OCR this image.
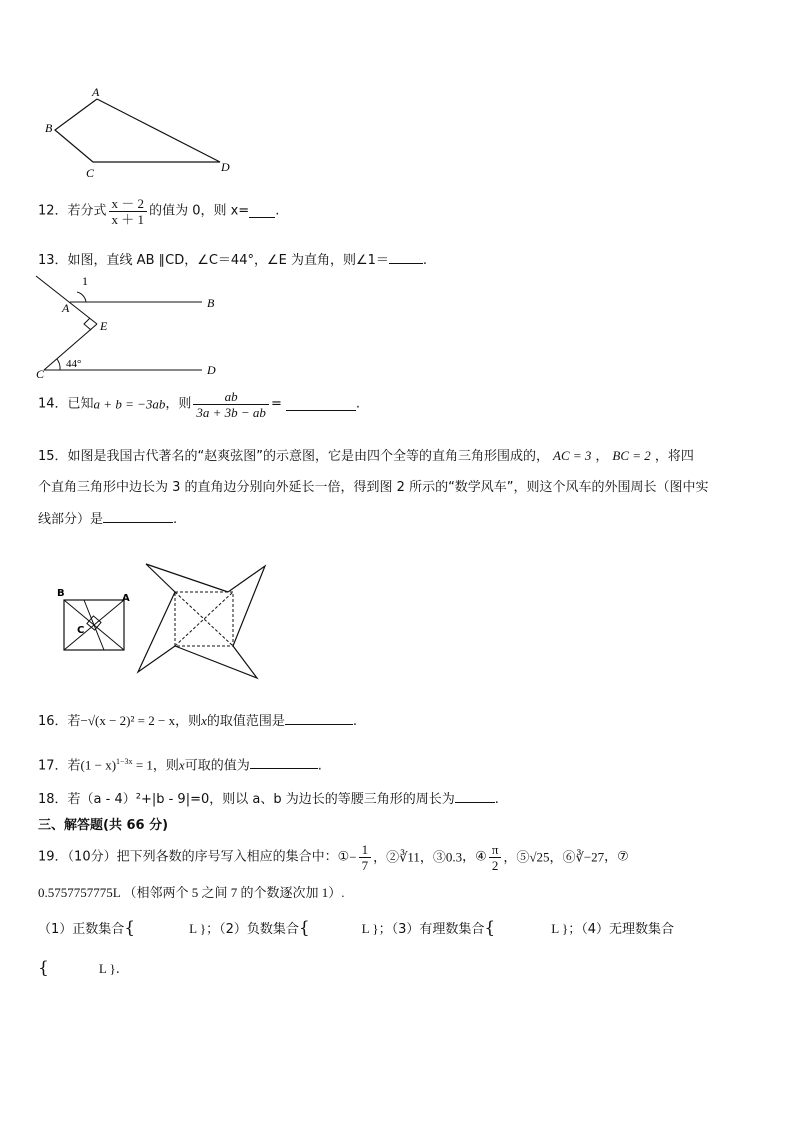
A
B
C	D
12．若分式 $\frac{x - 2}{x + 1}$ 的值为 0，则 x= .
13．如图，直线 AB ∥CD，∠C＝44°，∠E 为直角，则∠1＝	.
1
A	B
E
C	D
44°
14．已知a + b = −3ab，则 $\frac{ab}{3a + 3b - ab}$ =	.
15．如图是我国古代著名的“赵爽弦图”的示意图，它是由四个全等的直角三角形围成的， AC = 3 ， BC = 2 ，将四
个直角三角形中边长为 3 的直角边分别向外延长一倍，得到图 2 所示的“数学风车”，则这个风车的外围周长（图中实
线部分）是	.
B	A
C
16．若−√(x − 2)² = 2 − x，则x的取值范围是	.
17．若$(1 - x)^{1-3x} = 1$，则x可取的值为	.
18．若（a - 4）²+|b - 9|=0，则以 a、b 为边长的等腰三角形的周长为	.
三、解答题(共 66 分)
19．（10分）把下列各数的序号写入相应的集合中：①− $\frac{1}{7}$ ，②∛11，③0.3，④ $\frac{\pi}{2}$ ，⑤√25，⑥∛−27，⑦
0.5757757775L （相邻两个 5 之间 7 的个数逐次加 1）.
（1）正数集合{	L }；（2）负数集合{	L }；（3）有理数集合{	L }；（4）无理数集合
{	L }.
